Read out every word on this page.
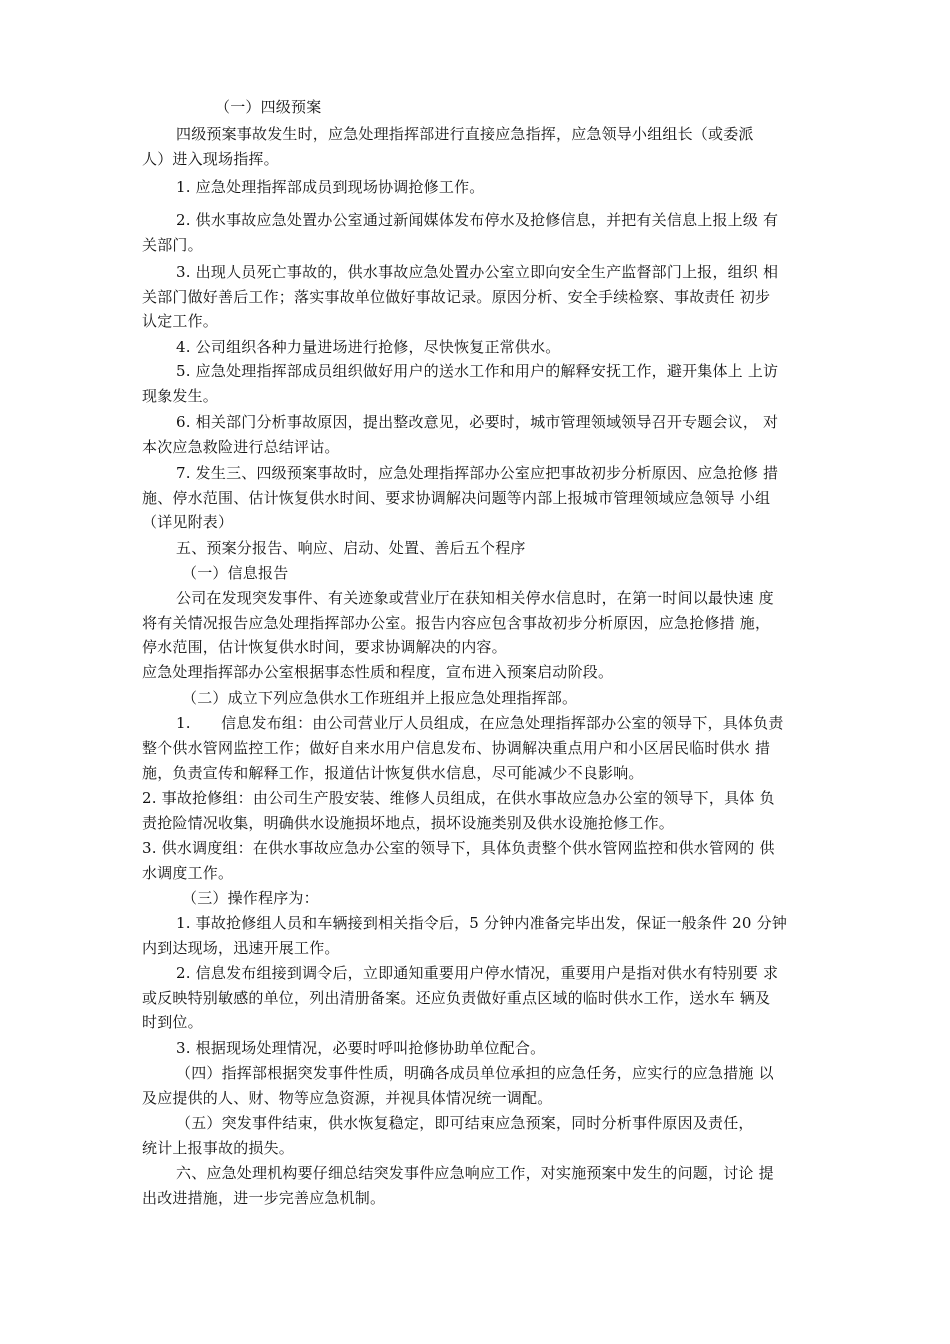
（一）四级预案
四级预案事故发生时，应急处理指挥部进行直接应急指挥，应急领导小组组长（或委派
人）进入现场指挥。
1. 应急处理指挥部成员到现场协调抢修工作。
2. 供水事故应急处置办公室通过新闻媒体发布停水及抢修信息，并把有关信息上报上级 有
关部门。
3. 出现人员死亡事故的，供水事故应急处置办公室立即向安全生产监督部门上报，组织 相
关部门做好善后工作；落实事故单位做好事故记录。原因分析、安全手续检察、事故责任 初步
认定工作。
4. 公司组织各种力量进场进行抢修，尽快恢复正常供水。
5. 应急处理指挥部成员组织做好用户的送水工作和用户的解释安抚工作，避开集体上 上访
现象发生。
6. 相关部门分析事故原因，提出整改意见，必要时，城市管理领域领导召开专题会议， 对
本次应急救险进行总结评诂。
7. 发生三、四级预案事故时，应急处理指挥部办公室应把事故初步分析原因、应急抢修 措
施、停水范围、估计恢复供水时间、要求协调解决问题等内部上报城市管理领域应急领导 小组
（详见附表）
五、预案分报告、响应、启动、处置、善后五个程序
（一）信息报告
公司在发现突发事件、有关迹象或营业厅在获知相关停水信息时，在第一时间以最快速 度
将有关情况报告应急处理指挥部办公室。报告内容应包含事故初步分析原因，应急抢修措 施，
停水范围，估计恢复供水时间，要求协调解决的内容。
应急处理指挥部办公室根据事态性质和程度，宣布进入预案启动阶段。
（二）成立下列应急供水工作班组并上报应急处理指挥部。
1.　　信息发布组：由公司营业厅人员组成，在应急处理指挥部办公室的领导下，具体负责
整个供水管网监控工作；做好自来水用户信息发布、协调解决重点用户和小区居民临时供水 措
施，负责宣传和解释工作，报道估计恢复供水信息，尽可能减少不良影响。
2. 事故抢修组：由公司生产股安装、维修人员组成，在供水事故应急办公室的领导下，具体 负
责抢险情况收集，明确供水设施损坏地点，损坏设施类别及供水设施抢修工作。
3. 供水调度组：在供水事故应急办公室的领导下，具体负责整个供水管网监控和供水管网的 供
水调度工作。
（三）操作程序为：
1. 事故抢修组人员和车辆接到相关指令后，5 分钟内准备完毕出发，保证一般条件 20 分钟
内到达现场，迅速开展工作。
2. 信息发布组接到调令后，立即通知重要用户停水情况，重要用户是指对供水有特别要 求
或反映特别敏感的单位，列出清册备案。还应负责做好重点区域的临时供水工作，送水车 辆及
时到位。
3. 根据现场处理情况，必要时呼叫抢修协助单位配合。
（四）指挥部根据突发事件性质，明确各成员单位承担的应急任务，应实行的应急措施 以
及应提供的人、财、物等应急资源，并视具体情况统一调配。
（五）突发事件结束，供水恢复稳定，即可结束应急预案，同时分析事件原因及责任，
统计上报事故的损失。
六、应急处理机构要仔细总结突发事件应急响应工作，对实施预案中发生的问题，讨论 提
出改进措施，进一步完善应急机制。
